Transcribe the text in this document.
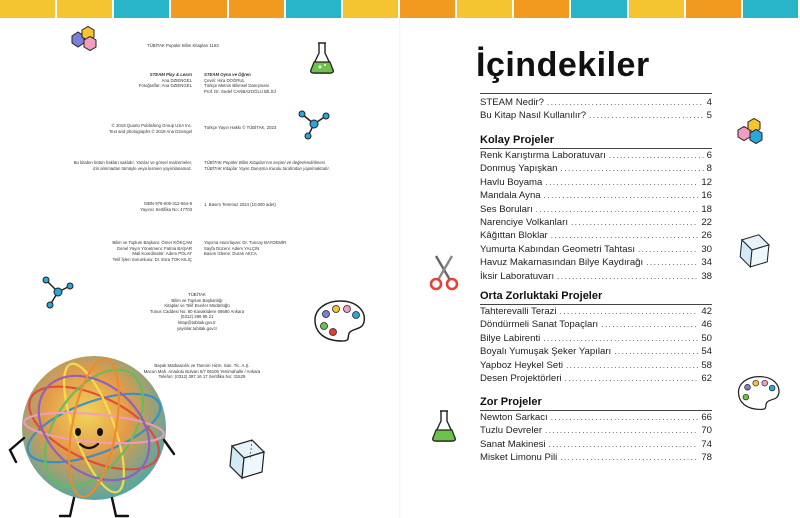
TÜBİTAK Popüler Bilim Kitapları 1183
STEAM Play & Learn
Ana DZIENGEL
Fotoğraflar: Ana DZIENGEL
STEAM Oyna ve Öğren
Çeviri: Hira DOĞRUL
Türkçe Metnin Bilimsel Danışmanı
Prof. Dr. Sedef CANBAZOĞLU BİLİCİ
© 2018 Quarto Publishing Group USA Inc.
Text and photographs © 2018 Ana Dziengel
Türkçe Yayın Hakkı © TÜBİTAK, 2023
Bu kitabın bütün hakları saklıdır. Yazılar ve görsel malzemeler,
izin alınmadan tümüyle veya kısmen yayımlanamaz.
TÜBİTAK Popüler Bilim Kitapları'nın seçimi ve değerlendirilmesi
TÜBİTAK Kitaplar Yayın Danışma Kurulu tarafından yapılmaktadır.
ISBN 978-605-312-564-8
Yayıncı Sertifika No: 47703
1. Basım Temmuz 2024 (10.000 adet)
Bilim ve Toplum Başkanı: Ömer KÖKÇAM
Genel Yayın Yönetmeni: Fatma BAŞAR
Mali Koordinatör: Adem POLAT
Telif İşleri Sorumlusu: Dr. Esra TOK KILIÇ
Yayıma Hazırlayan: Dr. Tuncay BAYDEMİR
Sayfa Düzeni: Adem YALÇIN
Basım İzleme: Duran AKCA
TÜBİTAK
Bilim ve Toplum Başkanlığı
Kitaplar ve Telif Eserler Müdürlüğü
Tunus Caddesi No: 80 Kavaklıdere 06680 Ankara
(0312) 298 95 21
kitap@tubitak.gov.tr
yayinlar.tubitak.gov.tr
Başak Matbaacılık ve Tanıtım Hizm. San. Tic. A.Ş.
Macun Mah. Anadolu Bulvarı 5/7 06105 Yenimahalle / Ankara
Telefon: (0312) 397 16 17 Sertifika No: 31529
İçindekiler
STEAM Nedir? .....	4
Bu Kitap Nasıl Kullanılır? .....	5
Kolay Projeler
Renk Karıştırma Laboratuvarı .....	6
Donmuş Yapışkan .....	8
Havlu Boyama .....	12
Mandala Ayna .....	16
Ses Boruları .....	18
Narenciye Volkanları .....	22
Kâğıttan Bloklar .....	26
Yumurta Kabından Geometri Tahtası .....	30
Havuz Makarnasından Bilye Kaydırağı .....	34
İksir Laboratuvarı .....	38
Orta Zorluktaki Projeler
Tahterevalli Terazi .....	42
Döndürmeli Sanat Topaçları .....	46
Bilye Labirenti .....	50
Boyalı Yumuşak Şeker Yapıları .....	54
Yapboz Heykel Seti .....	58
Desen Projektörleri .....	62
Zor Projeler
Newton Sarkacı .....	66
Tuzlu Devreler .....	70
Sanat Makinesi .....	74
Misket Limonu Pili .....	78
